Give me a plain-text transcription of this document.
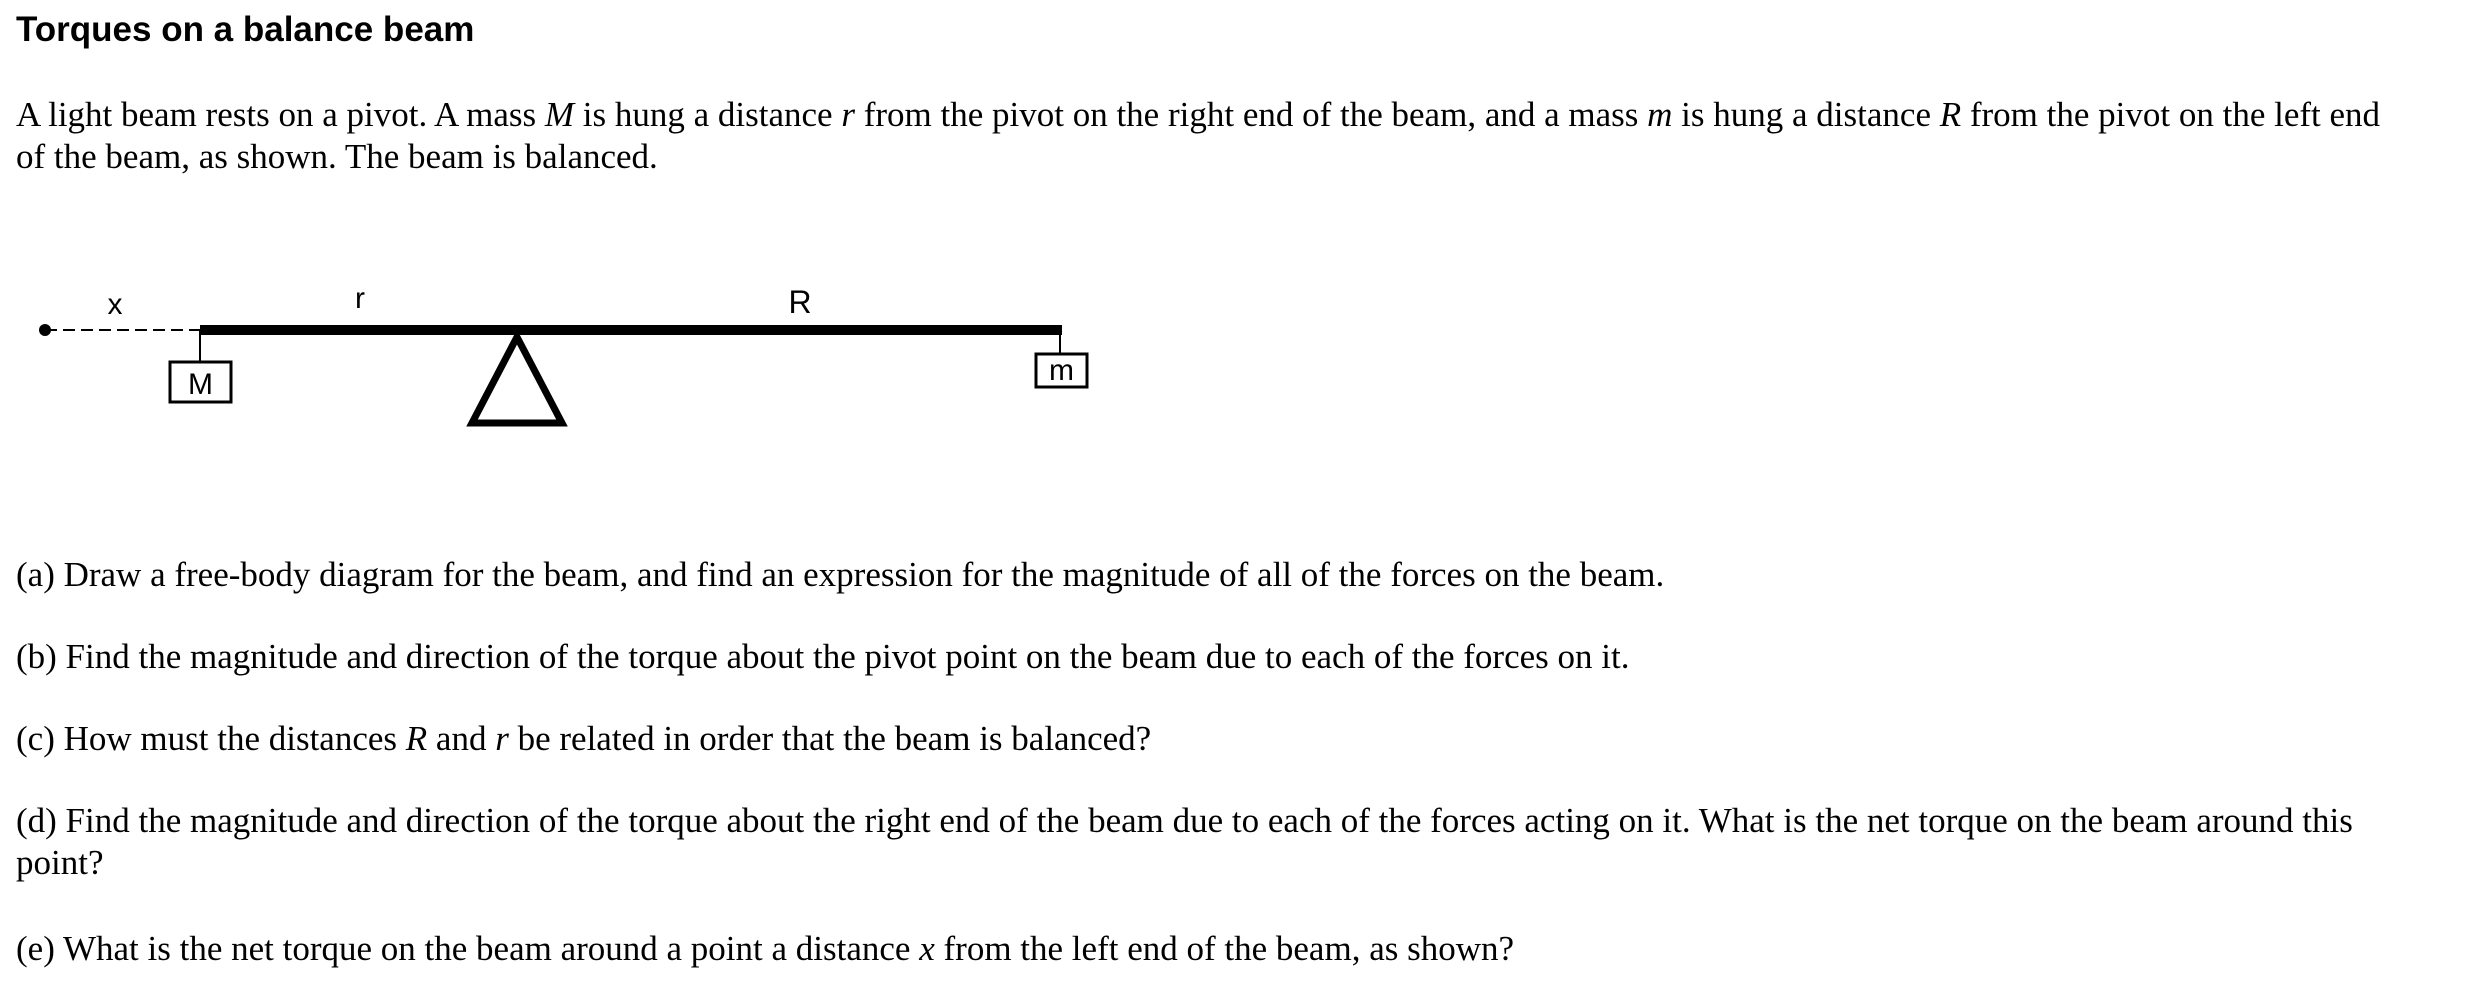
Torques on a balance beam

A light beam rests on a pivot. A mass M is hung a distance r from the pivot on the right end of the beam, and a mass m is hung a distance R from the pivot on the left end
of the beam, as shown. The beam is balanced.

x	r	R
M	m

(a) Draw a free-body diagram for the beam, and find an expression for the magnitude of all of the forces on the beam.

(b) Find the magnitude and direction of the torque about the pivot point on the beam due to each of the forces on it.

(c) How must the distances R and r be related in order that the beam is balanced?

(d) Find the magnitude and direction of the torque about the right end of the beam due to each of the forces acting on it. What is the net torque on the beam around this
point?

(e) What is the net torque on the beam around a point a distance x from the left end of the beam, as shown?
